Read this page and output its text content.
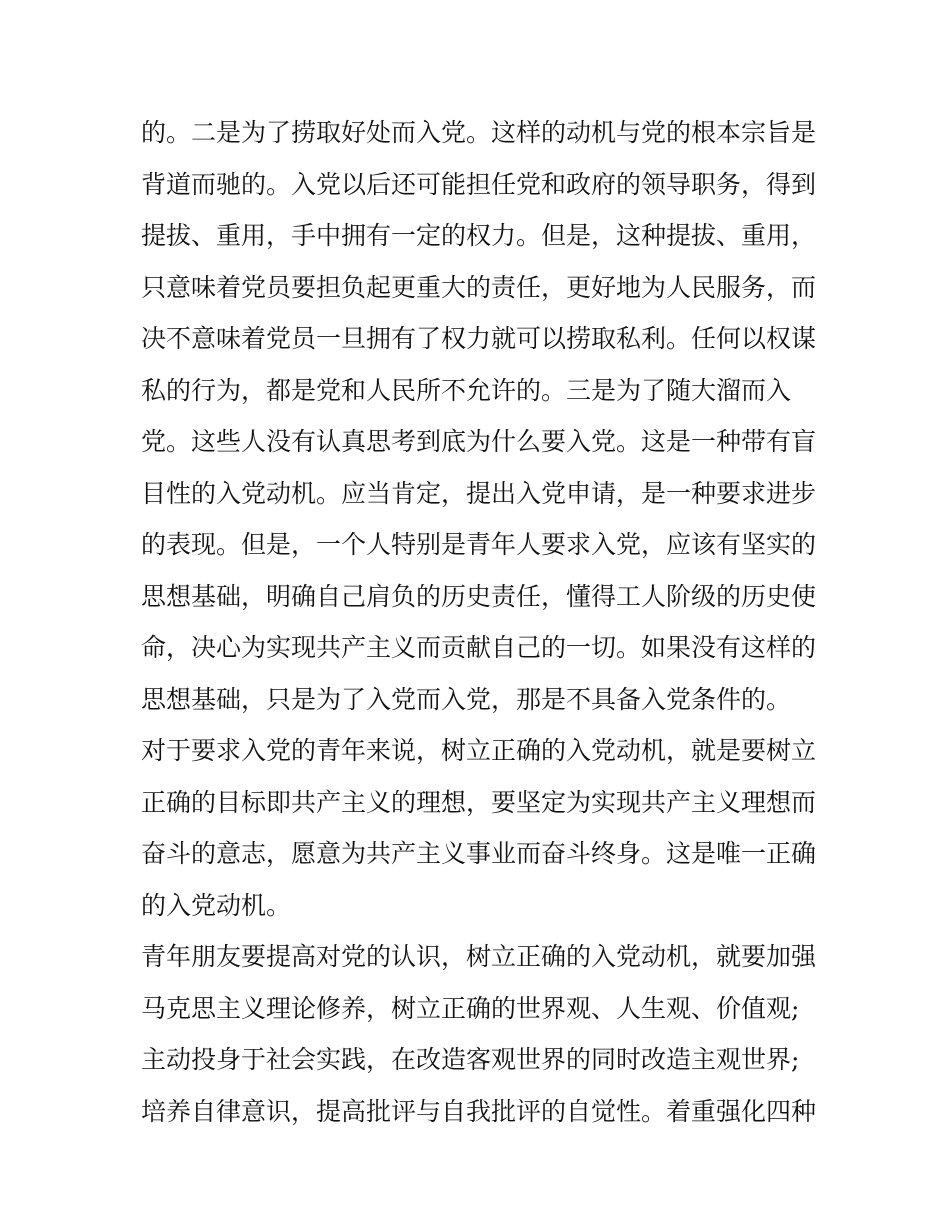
的。二是为了捞取好处而入党。这样的动机与党的根本宗旨是
背道而驰的。入党以后还可能担任党和政府的领导职务，得到
提拔、重用，手中拥有一定的权力。但是，这种提拔、重用，
只意味着党员要担负起更重大的责任，更好地为人民服务，而
决不意味着党员一旦拥有了权力就可以捞取私利。任何以权谋
私的行为，都是党和人民所不允许的。三是为了随大溜而入
党。这些人没有认真思考到底为什么要入党。这是一种带有盲
目性的入党动机。应当肯定，提出入党申请，是一种要求进步
的表现。但是，一个人特别是青年人要求入党，应该有坚实的
思想基础，明确自己肩负的历史责任，懂得工人阶级的历史使
命，决心为实现共产主义而贡献自己的一切。如果没有这样的
思想基础，只是为了入党而入党，那是不具备入党条件的。
对于要求入党的青年来说，树立正确的入党动机，就是要树立
正确的目标即共产主义的理想，要坚定为实现共产主义理想而
奋斗的意志，愿意为共产主义事业而奋斗终身。这是唯一正确
的入党动机。
青年朋友要提高对党的认识，树立正确的入党动机，就要加强
马克思主义理论修养，树立正确的世界观、人生观、价值观;
主动投身于社会实践，在改造客观世界的同时改造主观世界;
培养自律意识，提高批评与自我批评的自觉性。着重强化四种
